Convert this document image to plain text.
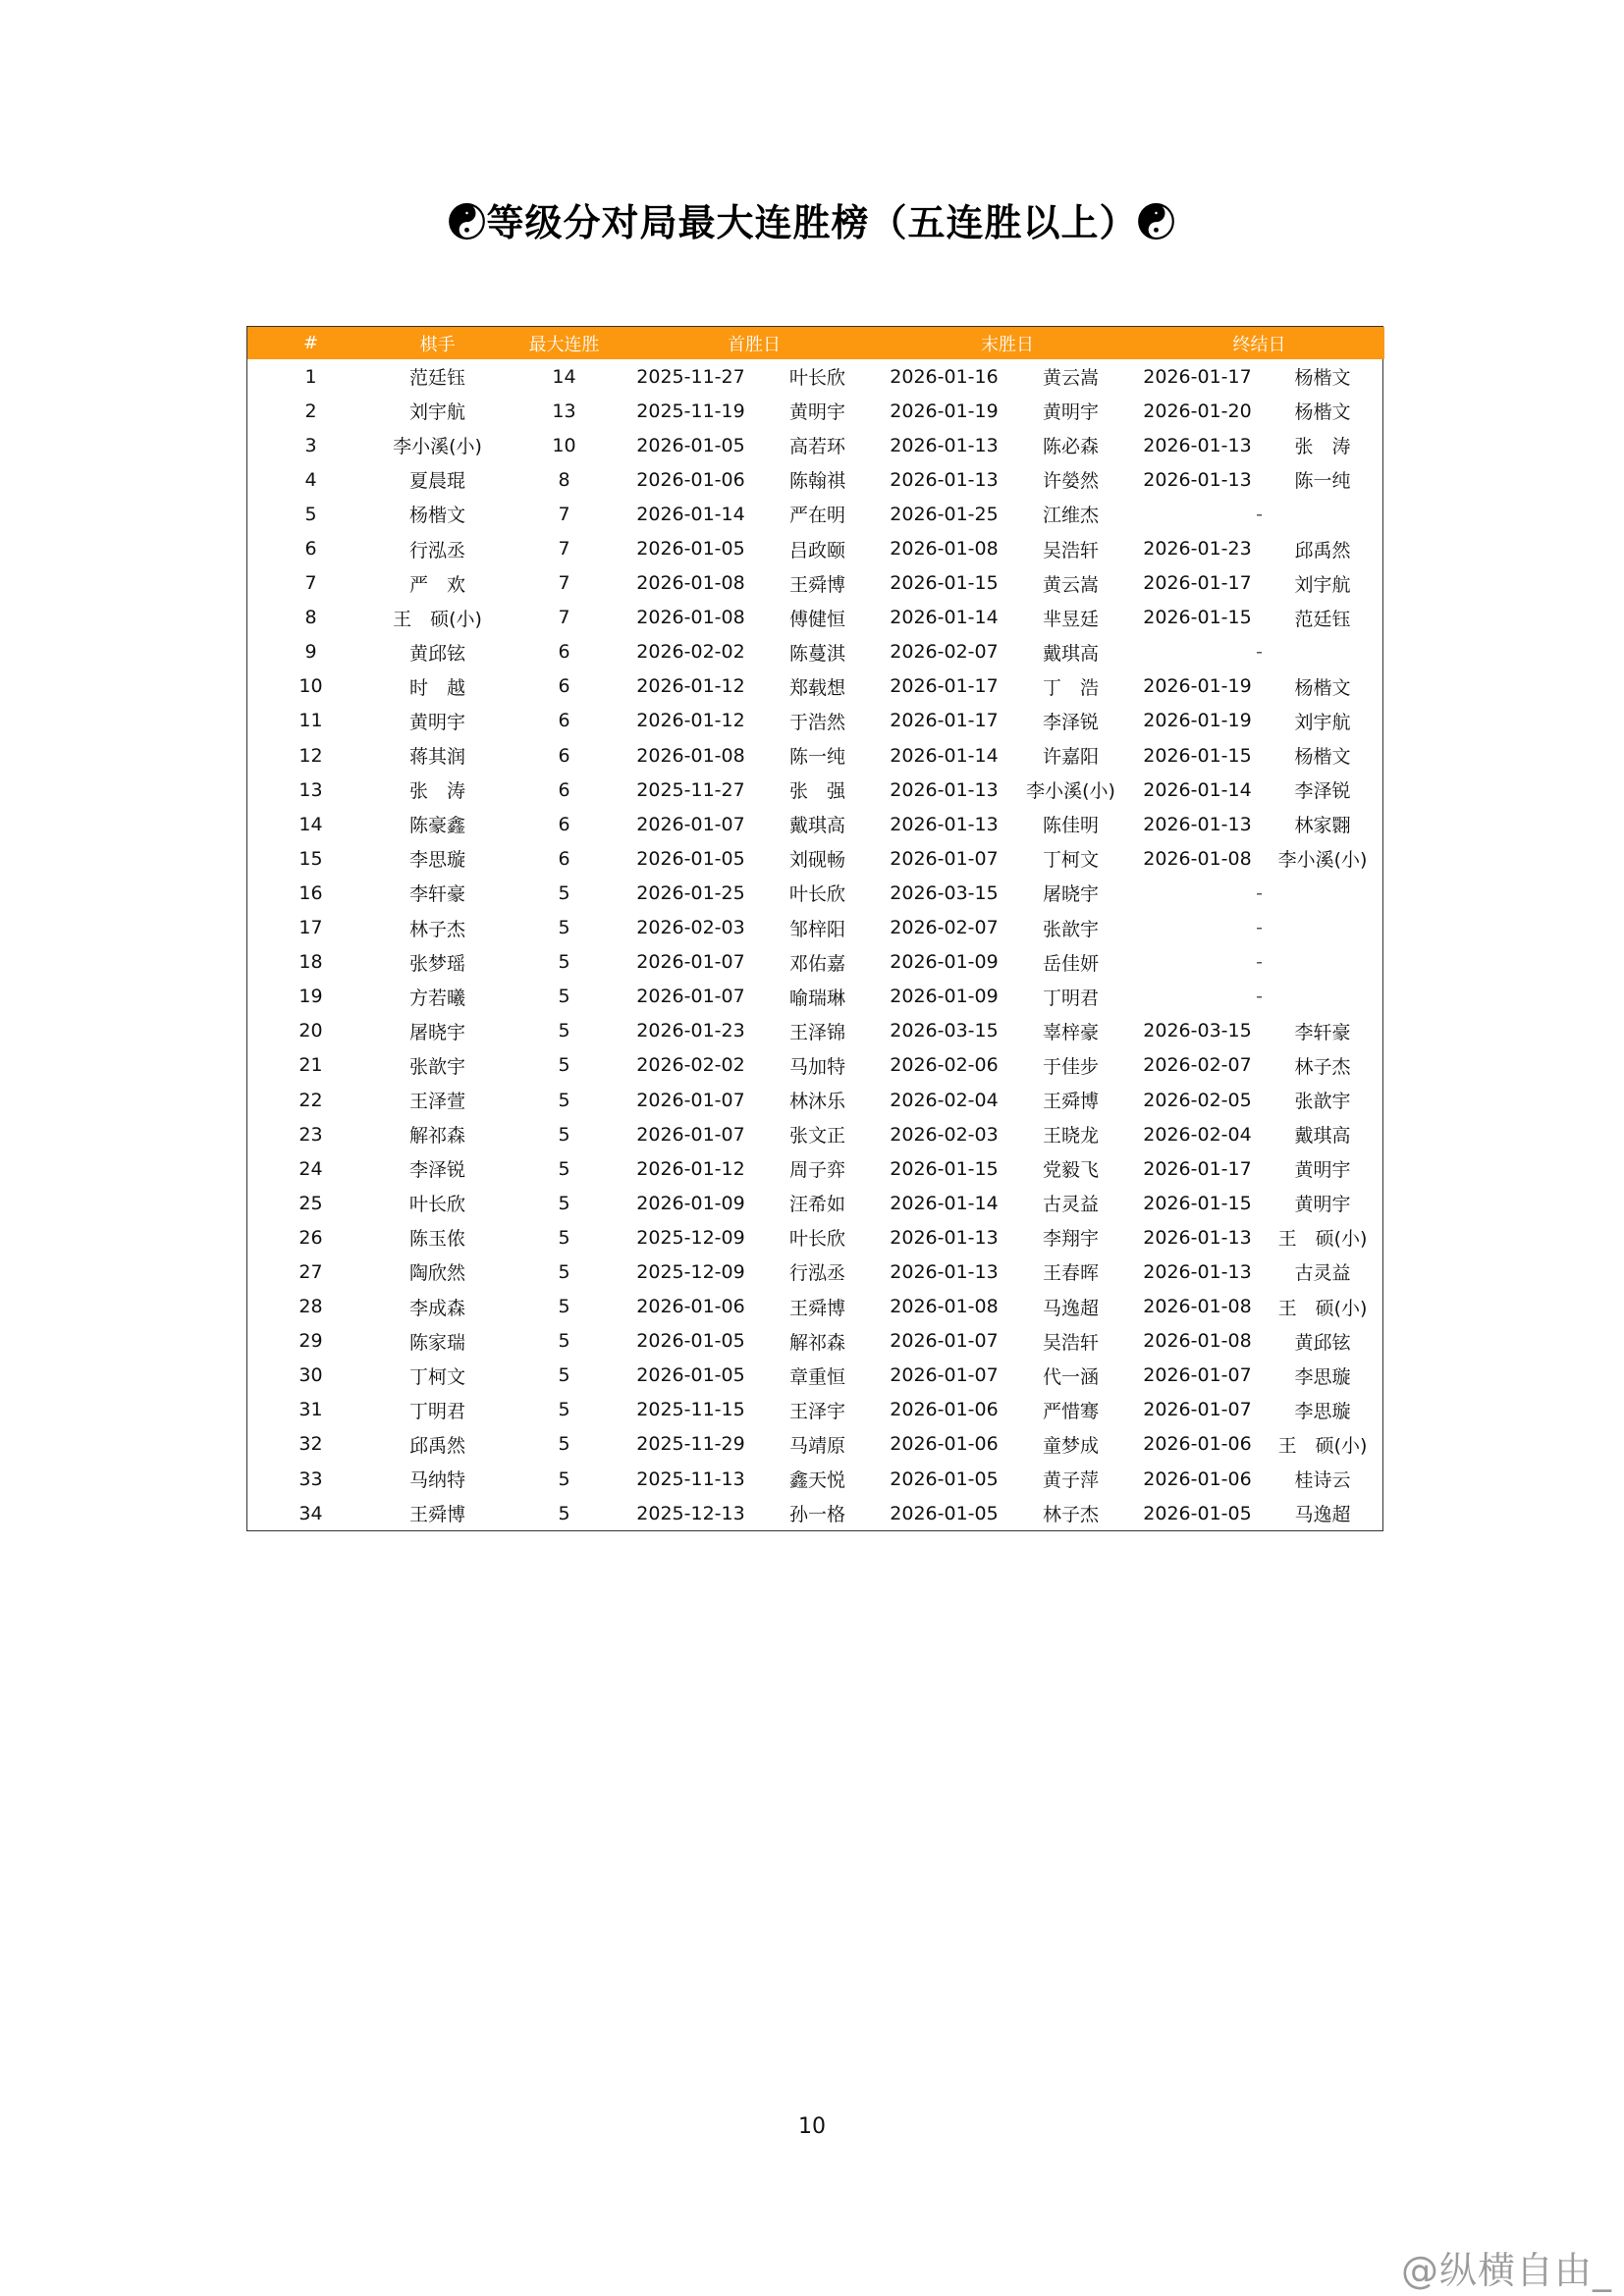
☯等级分对局最大连胜榜（五连胜以上）☯
#	棋手	最大连胜	首胜日		末胜日		终结日	
1	范廷钰	14	2025-11-27	叶长欣	2026-01-16	黄云嵩	2026-01-17	杨楷文
2	刘宇航	13	2025-11-19	黄明宇	2026-01-19	黄明宇	2026-01-20	杨楷文
3	李小溪(小)	10	2026-01-05	高若环	2026-01-13	陈必森	2026-01-13	张　涛
4	夏晨琨	8	2026-01-06	陈翰祺	2026-01-13	许嫈然	2026-01-13	陈一纯
5	杨楷文	7	2026-01-14	严在明	2026-01-25	江维杰	-	
6	行泓丞	7	2026-01-05	吕政颐	2026-01-08	吴浩轩	2026-01-23	邱禹然
7	严　欢	7	2026-01-08	王舜博	2026-01-15	黄云嵩	2026-01-17	刘宇航
8	王　硕(小)	7	2026-01-08	傅健恒	2026-01-14	芈昱廷	2026-01-15	范廷钰
9	黄邱铉	6	2026-02-02	陈蔓淇	2026-02-07	戴琪高	-	
10	时　越	6	2026-01-12	郑载想	2026-01-17	丁　浩	2026-01-19	杨楷文
11	黄明宇	6	2026-01-12	于浩然	2026-01-17	李泽锐	2026-01-19	刘宇航
12	蒋其润	6	2026-01-08	陈一纯	2026-01-14	许嘉阳	2026-01-15	杨楷文
13	张　涛	6	2025-11-27	张　强	2026-01-13	李小溪(小)	2026-01-14	李泽锐
14	陈豪鑫	6	2026-01-07	戴琪高	2026-01-13	陈佳明	2026-01-13	林家翾
15	李思璇	6	2026-01-05	刘砚畅	2026-01-07	丁柯文	2026-01-08	李小溪(小)
16	李轩豪	5	2026-01-25	叶长欣	2026-03-15	屠晓宇	-	
17	林子杰	5	2026-02-03	邹梓阳	2026-02-07	张歆宇	-	
18	张梦瑶	5	2026-01-07	邓佑嘉	2026-01-09	岳佳妍	-	
19	方若曦	5	2026-01-07	喻瑞琳	2026-01-09	丁明君	-	
20	屠晓宇	5	2026-01-23	王泽锦	2026-03-15	辜梓豪	2026-03-15	李轩豪
21	张歆宇	5	2026-02-02	马加特	2026-02-06	于佳步	2026-02-07	林子杰
22	王泽萱	5	2026-01-07	林沐乐	2026-02-04	王舜博	2026-02-05	张歆宇
23	解祁森	5	2026-01-07	张文正	2026-02-03	王晓龙	2026-02-04	戴琪高
24	李泽锐	5	2026-01-12	周子弈	2026-01-15	党毅飞	2026-01-17	黄明宇
25	叶长欣	5	2026-01-09	汪希如	2026-01-14	古灵益	2026-01-15	黄明宇
26	陈玉侬	5	2025-12-09	叶长欣	2026-01-13	李翔宇	2026-01-13	王　硕(小)
27	陶欣然	5	2025-12-09	行泓丞	2026-01-13	王春晖	2026-01-13	古灵益
28	李成森	5	2026-01-06	王舜博	2026-01-08	马逸超	2026-01-08	王　硕(小)
29	陈家瑞	5	2026-01-05	解祁森	2026-01-07	吴浩轩	2026-01-08	黄邱铉
30	丁柯文	5	2026-01-05	章重恒	2026-01-07	代一涵	2026-01-07	李思璇
31	丁明君	5	2025-11-15	王泽宇	2026-01-06	严惜骞	2026-01-07	李思璇
32	邱禹然	5	2025-11-29	马靖原	2026-01-06	童梦成	2026-01-06	王　硕(小)
33	马纳特	5	2025-11-13	鑫天悦	2026-01-05	黄子萍	2026-01-06	桂诗云
34	王舜博	5	2025-12-13	孙一格	2026-01-05	林子杰	2026-01-05	马逸超
10
@纵横自由_
